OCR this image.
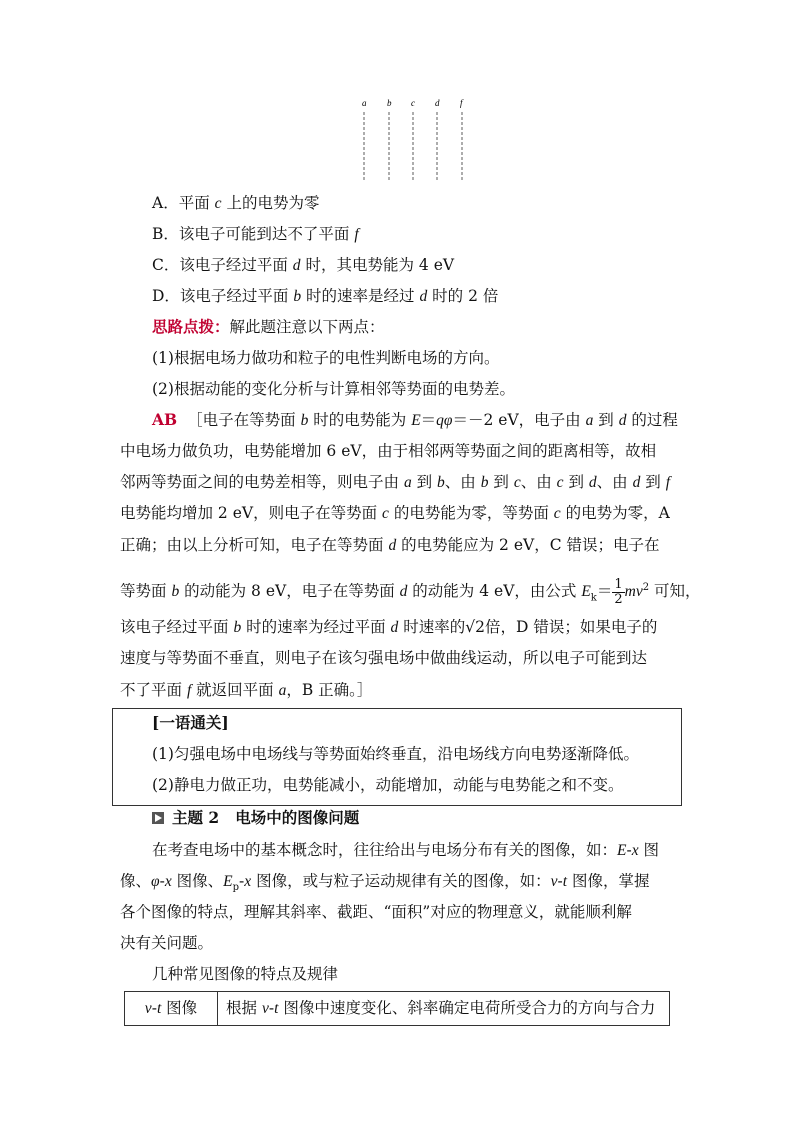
a b c d f
A．平面 c 上的电势为零
B．该电子可能到达不了平面 f
C．该电子经过平面 d 时，其电势能为 4 eV
D．该电子经过平面 b 时的速率是经过 d 时的 2 倍
思路点拨：解此题注意以下两点：
(1)根据电场力做功和粒子的电性判断电场的方向。
(2)根据动能的变化分析与计算相邻等势面的电势差。
AB ［电子在等势面 b 时的电势能为 E＝qφ＝－2 eV，电子由 a 到 d 的过程
中电场力做负功，电势能增加 6 eV，由于相邻两等势面之间的距离相等，故相
邻两等势面之间的电势差相等，则电子由 a 到 b、由 b 到 c、由 c 到 d、由 d 到 f
电势能均增加 2 eV，则电子在等势面 c 的电势能为零，等势面 c 的电势为零，A
正确；由以上分析可知，电子在等势面 d 的电势能应为 2 eV，C 错误；电子在
等势面 b 的动能为 8 eV，电子在等势面 d 的动能为 4 eV，由公式 $E_k= \frac{1}{2} mv^2$ 可知，
该电子经过平面 b 时的速率为经过平面 d 时速率的√2倍，D 错误；如果电子的
速度与等势面不垂直，则电子在该匀强电场中做曲线运动，所以电子可能到达
不了平面 f 就返回平面 a，B 正确。］
[一语通关]
(1)匀强电场中电场线与等势面始终垂直，沿电场线方向电势逐渐降低。
(2)静电力做正功，电势能减小，动能增加，动能与电势能之和不变。
主题 2 电场中的图像问题
在考查电场中的基本概念时，往往给出与电场分布有关的图像，如：E-x 图
像、φ-x 图像、$E_p-x$ 图像，或与粒子运动规律有关的图像，如：v-t 图像，掌握
各个图像的特点，理解其斜率、截距、“面积”对应的物理意义，就能顺利解
决有关问题。
几种常见图像的特点及规律
v-t 图像	根据 v-t 图像中速度变化、斜率确定电荷所受合力的方向与合力
